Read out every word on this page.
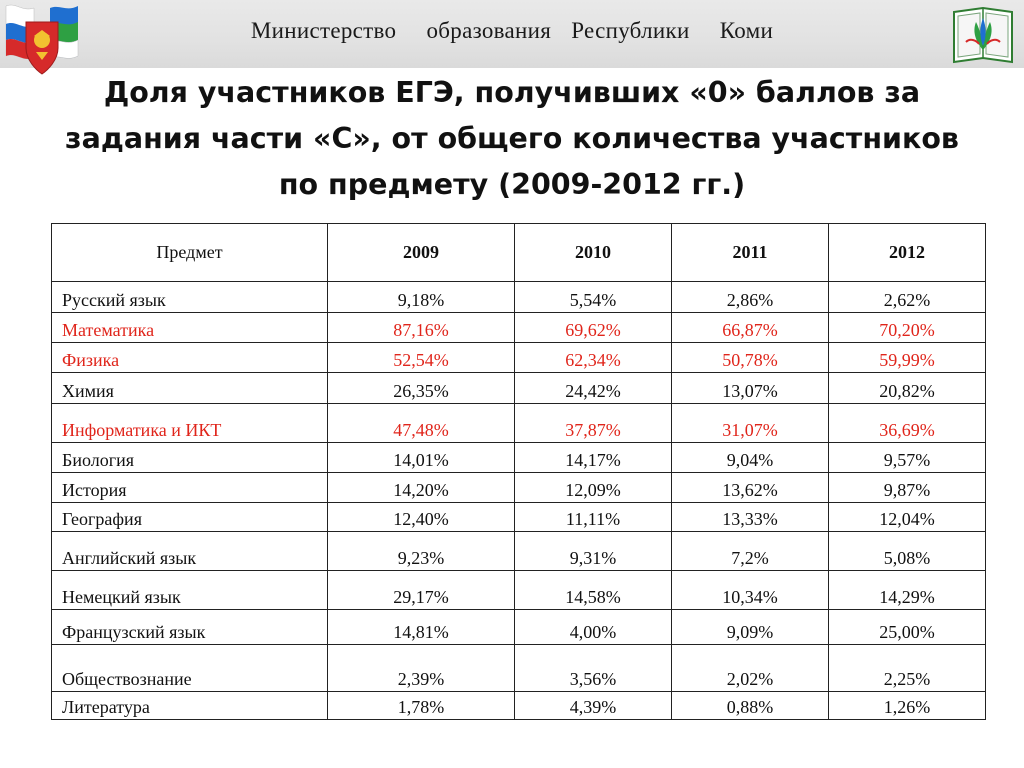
Министерство   образования  Республики   Коми
Доля участников ЕГЭ, получивших «0» баллов за
задания части «С», от общего количества участников
по предмету (2009-2012 гг.)
Предмет	2009	2010	2011	2012
Русский язык	9,18%	5,54%	2,86%	2,62%
Математика	87,16%	69,62%	66,87%	70,20%
Физика	52,54%	62,34%	50,78%	59,99%
Химия	26,35%	24,42%	13,07%	20,82%
Информатика и ИКТ	47,48%	37,87%	31,07%	36,69%
Биология	14,01%	14,17%	9,04%	9,57%
История	14,20%	12,09%	13,62%	9,87%
География	12,40%	11,11%	13,33%	12,04%
Английский язык	9,23%	9,31%	7,2%	5,08%
Немецкий язык	29,17%	14,58%	10,34%	14,29%
Французский язык	14,81%	4,00%	9,09%	25,00%
Обществознание	2,39%	3,56%	2,02%	2,25%
Литература	1,78%	4,39%	0,88%	1,26%
